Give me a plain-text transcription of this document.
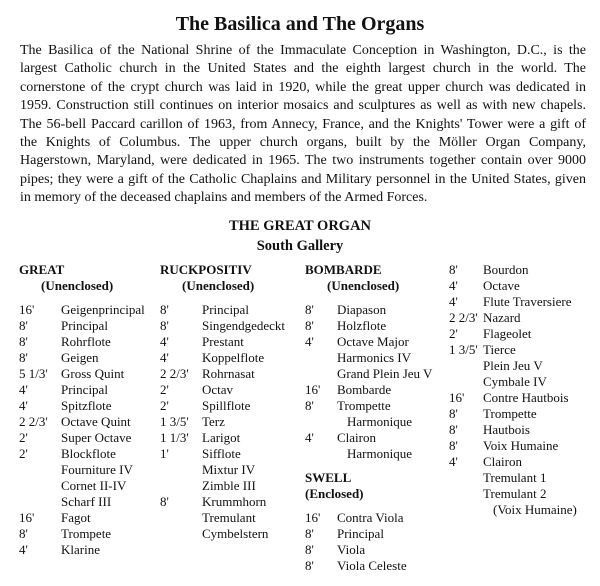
The Basilica and The Organs
The Basilica of the National Shrine of the Immaculate Conception in Washington, D.C., is the largest Catholic church in the United States and the eighth largest church in the world. The cornerstone of the crypt church was laid in 1920, while the great upper church was dedicated in 1959. Construction still continues on interior mosaics and sculptures as well as with new chapels. The 56-bell Paccard carillon of 1963, from Annecy, France, and the Knights' Tower were a gift of the Knights of Columbus. The upper church organs, built by the Möller Organ Company, Hagerstown, Maryland, were dedicated in 1965. The two instruments together contain over 9000 pipes; they were a gift of the Catholic Chaplains and Military personnel in the United States, given in memory of the deceased chaplains and members of the Armed Forces.
THE GREAT ORGAN
South Gallery
GREAT
(Unenclosed)
16' Geigenprincipal
8'	Principal
8'	Rohrflote
8'	Geigen
5 1/3' Gross Quint
4'	Principal
4'	Spitzflote
2 2/3' Octave Quint
2'	Super Octave
2'	Blockflote
Fourniture IV
Cornet II-IV
Scharf III
16' Fagot
8'	Trompete
4'	Klarine
RUCKPOSITIV
(Unenclosed)
8'	Principal
8'	Singendgedeckt
4'	Prestant
4'	Koppelflote
2 2/3' Rohrnasat
2'	Octav
2'	Spillflote
1 3/5' Terz
1 1/3' Larigot
1'	Sifflote
Mixtur IV
Zimble III
8'	Krummhorn
Tremulant
Cymbelstern
BOMBARDE
(Unenclosed)
8' Diapason
8' Holzflote
4' Octave Major
Harmonics IV
Grand Plein Jeu V
16' Bombarde
8' Trompette
Harmonique
4' Clairon
Harmonique
SWELL
(Enclosed)
16' Contra Viola
8' Principal
8' Viola
8' Viola Celeste
8' Bourdon
4' Octave
4' Flute Traversiere
2 2/3' Nazard
2' Flageolet
1 3/5' Tierce
Plein Jeu V
Cymbale IV
16' Contre Hautbois
8' Trompette
8' Hautbois
8' Voix Humaine
4' Clairon
Tremulant 1
Tremulant 2
(Voix Humaine)
